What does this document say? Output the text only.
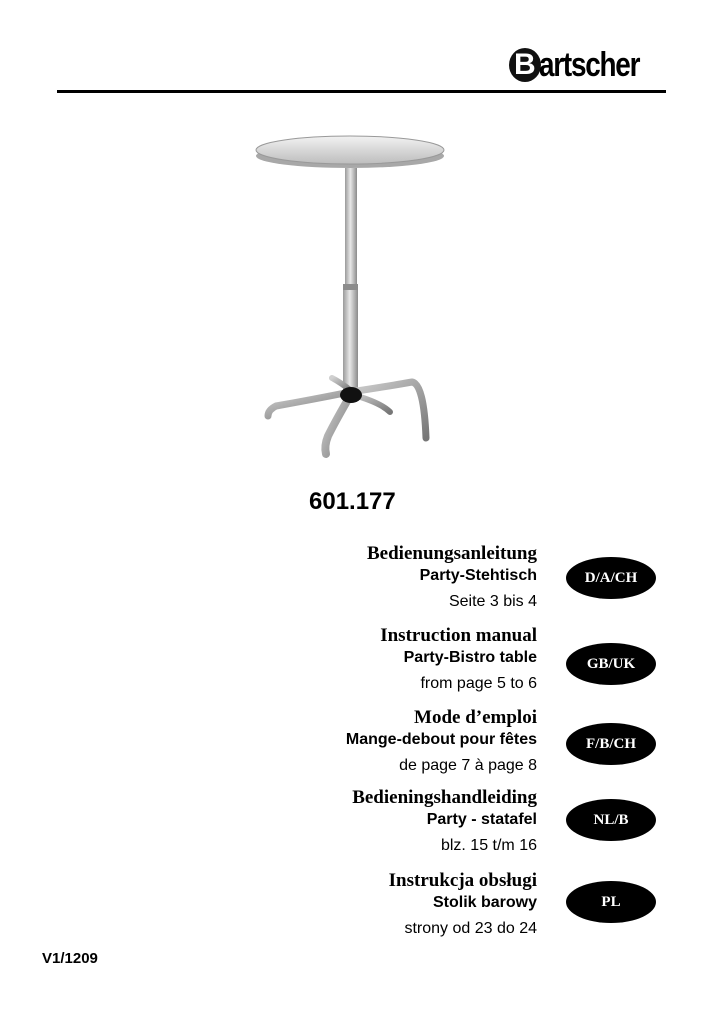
B artscher
601.177
Bedienungsanleitung
Party-Stehtisch
Seite 3 bis 4
D/A/CH
Instruction manual
Party-Bistro table
from page 5 to 6
GB/UK
Mode d’emploi
Mange-debout pour fêtes
de page 7 à page 8
F/B/CH
Bedieningshandleiding
Party - statafel
blz. 15 t/m 16
NL/B
Instrukcja obsługi
Stolik barowy
strony od 23 do 24
PL
V1/1209
